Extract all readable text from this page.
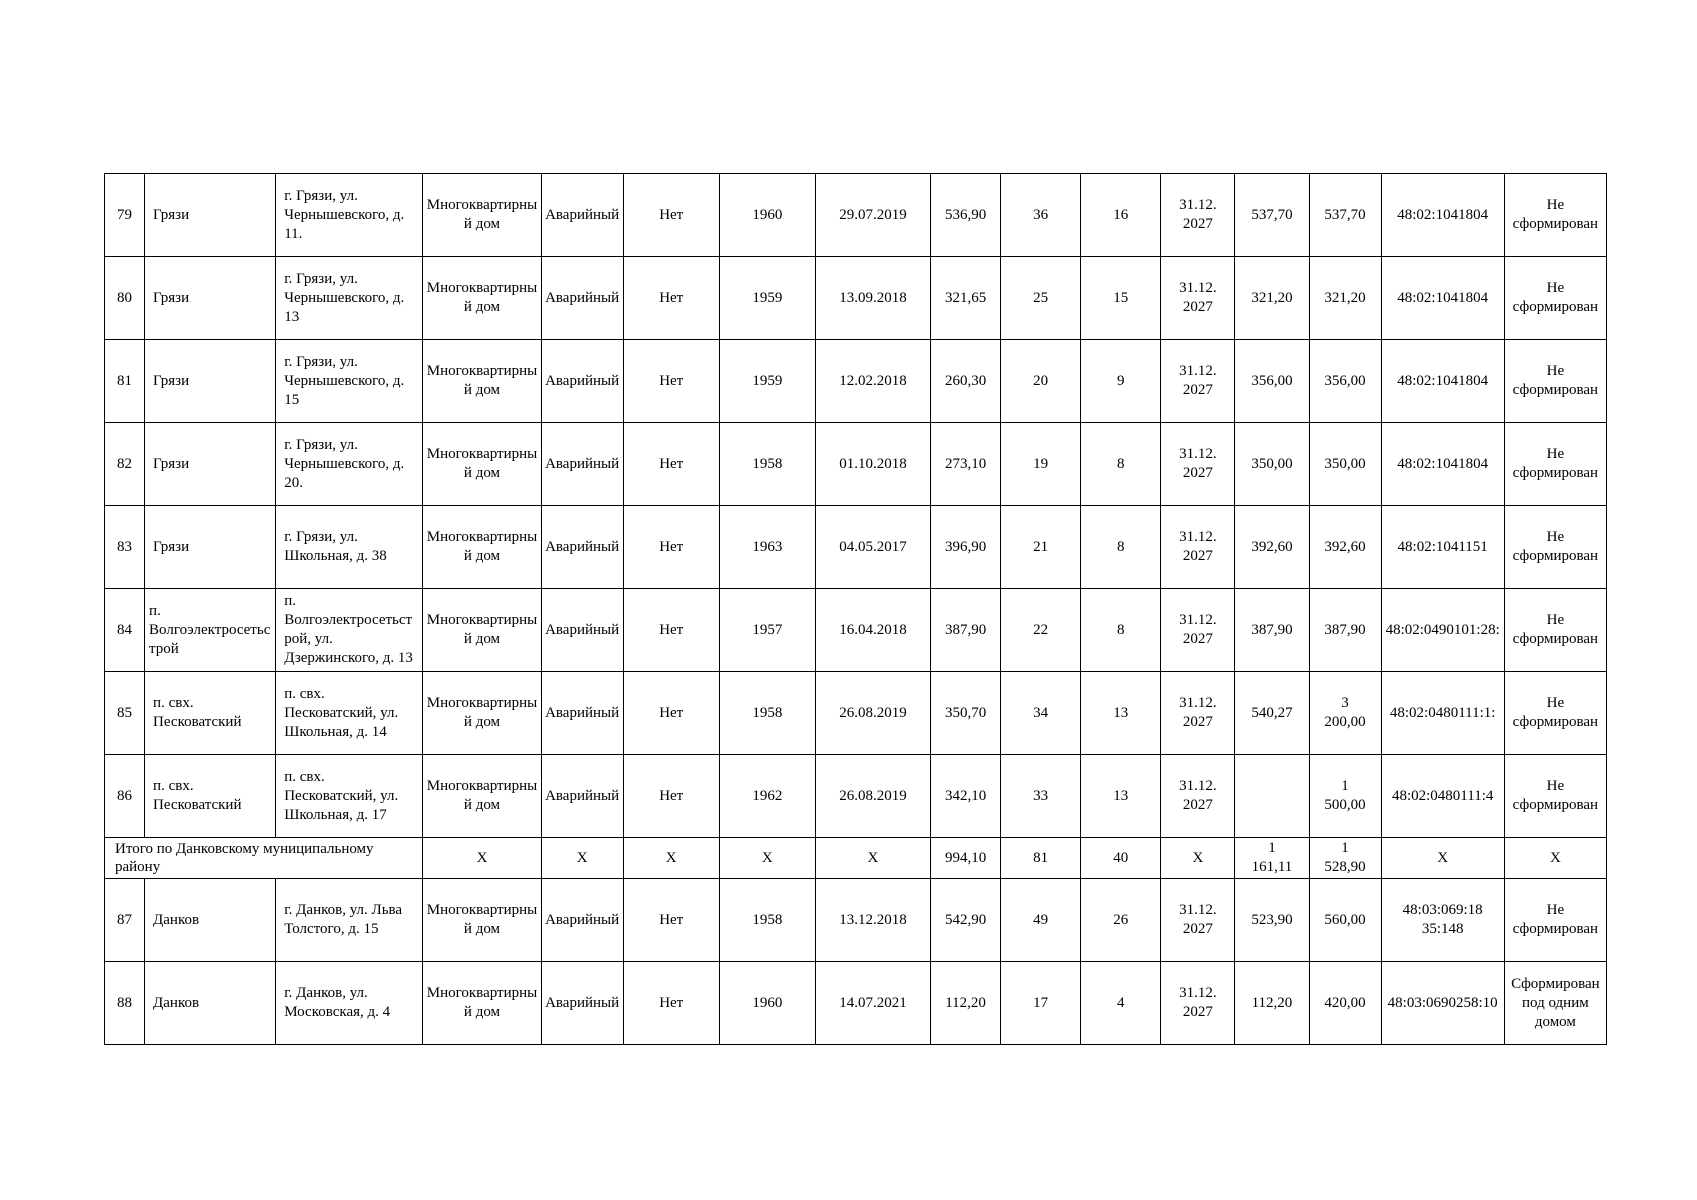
79	Грязи	г. Грязи, ул. Чернышевского, д. 11.	Многоквартирный дом	Аварийный	Нет	1960	29.07.2019	536,90	36	16	31.12.
2027	537,70	537,70	48:02:1041804	Не сформирован
80	Грязи	г. Грязи, ул. Чернышевского, д. 13	Многоквартирный дом	Аварийный	Нет	1959	13.09.2018	321,65	25	15	31.12.
2027	321,20	321,20	48:02:1041804	Не сформирован
81	Грязи	г. Грязи, ул. Чернышевского, д. 15	Многоквартирный дом	Аварийный	Нет	1959	12.02.2018	260,30	20	9	31.12.
2027	356,00	356,00	48:02:1041804	Не сформирован
82	Грязи	г. Грязи, ул. Чернышевского, д. 20.	Многоквартирный дом	Аварийный	Нет	1958	01.10.2018	273,10	19	8	31.12.
2027	350,00	350,00	48:02:1041804	Не сформирован
83	Грязи	г. Грязи, ул. Школьная, д. 38	Многоквартирный дом	Аварийный	Нет	1963	04.05.2017	396,90	21	8	31.12.
2027	392,60	392,60	48:02:1041151	Не сформирован
84	п. Волгоэлектросетьстрой	п. Волгоэлектросетьстрой, ул. Дзержинского, д. 13	Многоквартирный дом	Аварийный	Нет	1957	16.04.2018	387,90	22	8	31.12.
2027	387,90	387,90	48:02:0490101:28:	Не сформирован
85	п. свх. Песковатский	п. свх. Песковатский, ул. Школьная, д. 14	Многоквартирный дом	Аварийный	Нет	1958	26.08.2019	350,70	34	13	31.12.
2027	540,27	3
200,00	48:02:0480111:1:	Не сформирован
86	п. свх. Песковатский	п. свх. Песковатский, ул. Школьная, д. 17	Многоквартирный дом	Аварийный	Нет	1962	26.08.2019	342,10	33	13	31.12.
2027		1
500,00	48:02:0480111:4	Не сформирован
Итого по Данковскому муниципальному району			X	X	X	X	X	994,10	81	40	X	1
161,11	1
528,90	X	X
87	Данков	г. Данков, ул. Льва Толстого, д. 15	Многоквартирный дом	Аварийный	Нет	1958	13.12.2018	542,90	49	26	31.12.
2027	523,90	560,00	48:03:069:18 35:148	Не сформирован
88	Данков	г. Данков, ул. Московская, д. 4	Многоквартирный дом	Аварийный	Нет	1960	14.07.2021	112,20	17	4	31.12.
2027	112,20	420,00	48:03:0690258:10	Сформирован под одним домом
